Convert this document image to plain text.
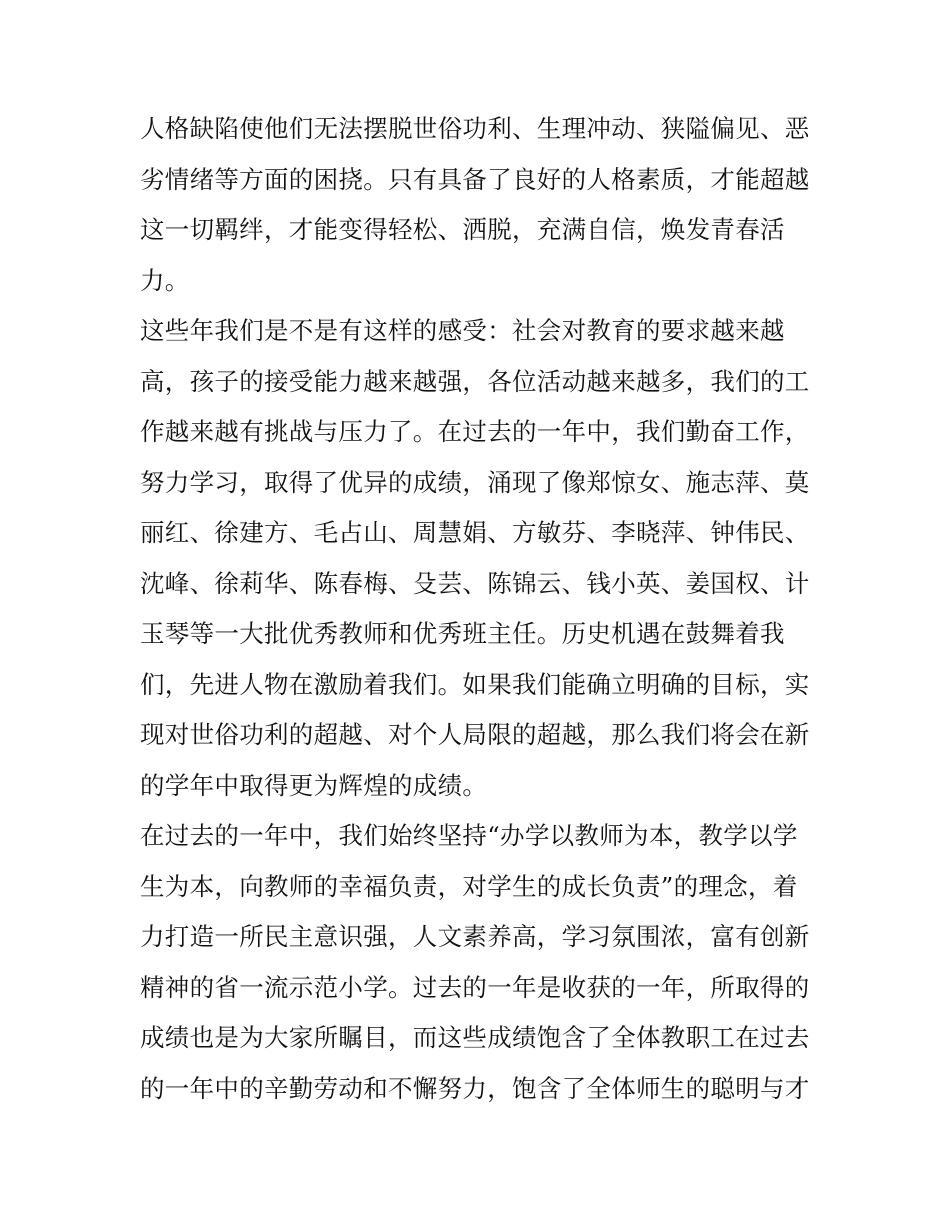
人格缺陷使他们无法摆脱世俗功利、生理冲动、狭隘偏见、恶
劣情绪等方面的困挠。只有具备了良好的人格素质，才能超越
这一切羁绊，才能变得轻松、洒脱，充满自信，焕发青春活
力。
这些年我们是不是有这样的感受：社会对教育的要求越来越
高，孩子的接受能力越来越强，各位活动越来越多，我们的工
作越来越有挑战与压力了。在过去的一年中，我们勤奋工作，
努力学习，取得了优异的成绩，涌现了像郑惊女、施志萍、莫
丽红、徐建方、毛占山、周慧娟、方敏芬、李晓萍、钟伟民、
沈峰、徐莉华、陈春梅、殳芸、陈锦云、钱小英、姜国权、计
玉琴等一大批优秀教师和优秀班主任。历史机遇在鼓舞着我
们，先进人物在激励着我们。如果我们能确立明确的目标，实
现对世俗功利的超越、对个人局限的超越，那么我们将会在新
的学年中取得更为辉煌的成绩。
在过去的一年中，我们始终坚持“办学以教师为本，教学以学
生为本，向教师的幸福负责，对学生的成长负责”的理念，着
力打造一所民主意识强，人文素养高，学习氛围浓，富有创新
精神的省一流示范小学。过去的一年是收获的一年，所取得的
成绩也是为大家所瞩目，而这些成绩饱含了全体教职工在过去
的一年中的辛勤劳动和不懈努力，饱含了全体师生的聪明与才
